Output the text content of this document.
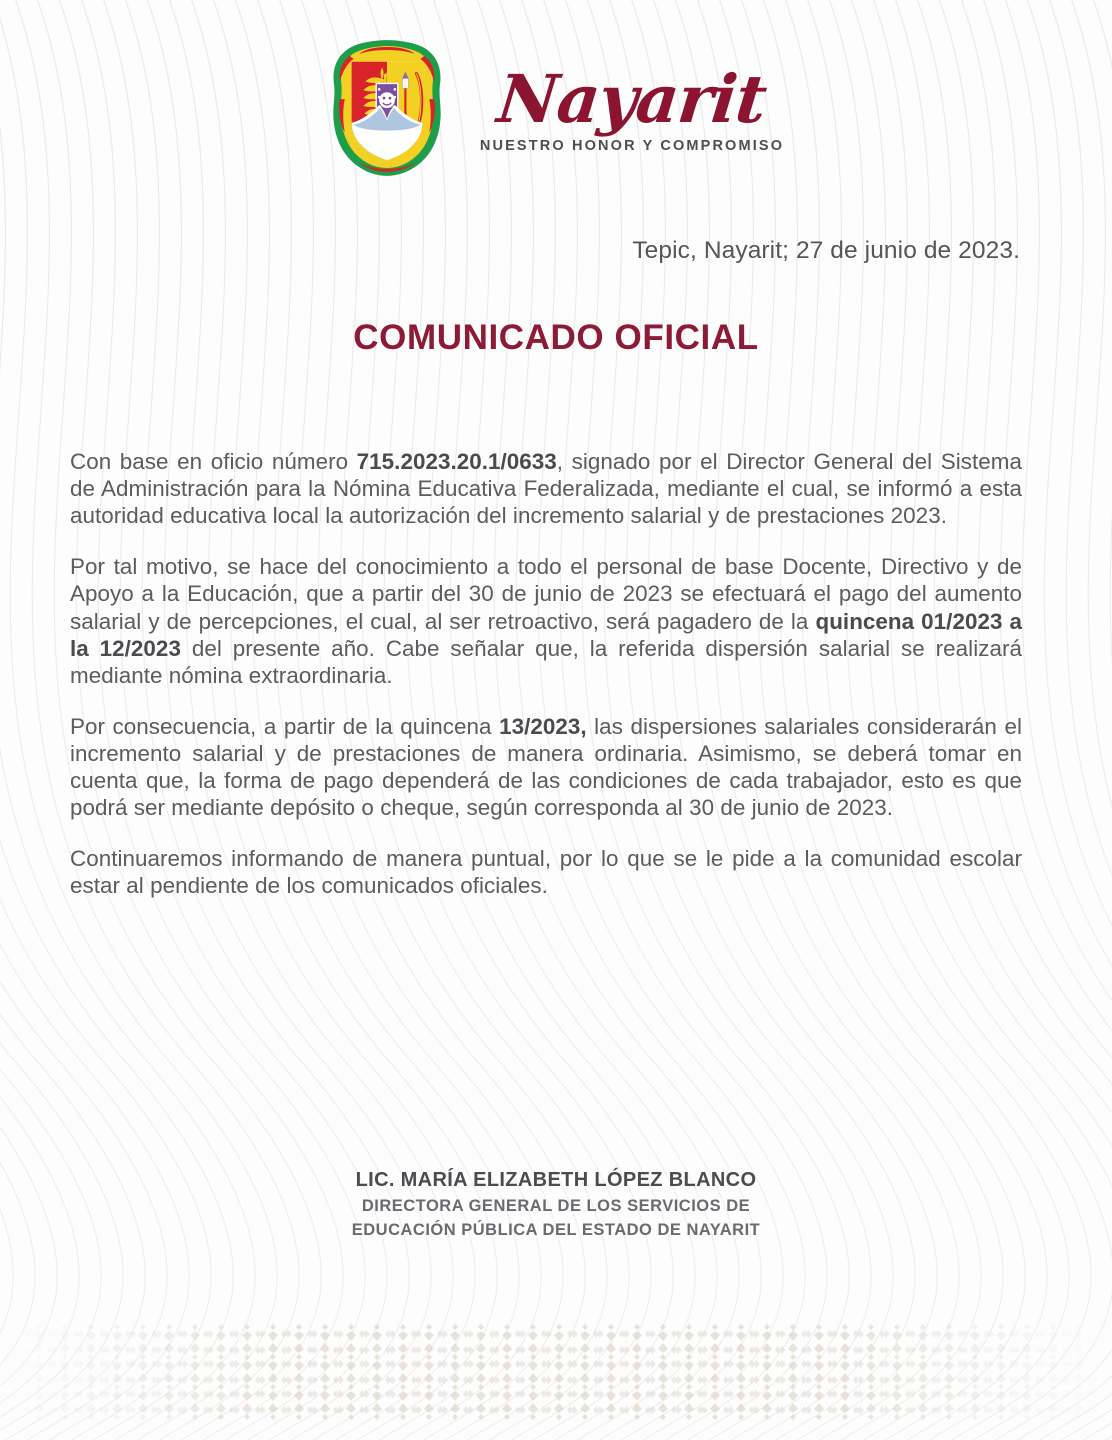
Nayarit
NUESTRO HONOR Y COMPROMISO
Tepic, Nayarit; 27 de junio de 2023.
COMUNICADO OFICIAL

Con base en oficio número 715.2023.20.1/0633, signado por el Director General del Sistema de Administración para la Nómina Educativa Federalizada, mediante el cual, se informó a esta autoridad educativa local la autorización del incremento salarial y de prestaciones 2023.

Por tal motivo, se hace del conocimiento a todo el personal de base Docente, Directivo y de Apoyo a la Educación, que a partir del 30 de junio de 2023 se efectuará el pago del aumento salarial y de percepciones, el cual, al ser retroactivo, será pagadero de la quincena 01/2023 a la 12/2023 del presente año. Cabe señalar que, la referida dispersión salarial se realizará mediante nómina extraordinaria.

Por consecuencia, a partir de la quincena 13/2023, las dispersiones salariales considerarán el incremento salarial y de prestaciones de manera ordinaria. Asimismo, se deberá tomar en cuenta que, la forma de pago dependerá de las condiciones de cada trabajador, esto es que podrá ser mediante depósito o cheque, según corresponda al 30 de junio de 2023.

Continuaremos informando de manera puntual, por lo que se le pide a la comunidad escolar estar al pendiente de los comunicados oficiales.

LIC. MARÍA ELIZABETH LÓPEZ BLANCO
DIRECTORA GENERAL DE LOS SERVICIOS DE
EDUCACIÓN PÚBLICA DEL ESTADO DE NAYARIT
